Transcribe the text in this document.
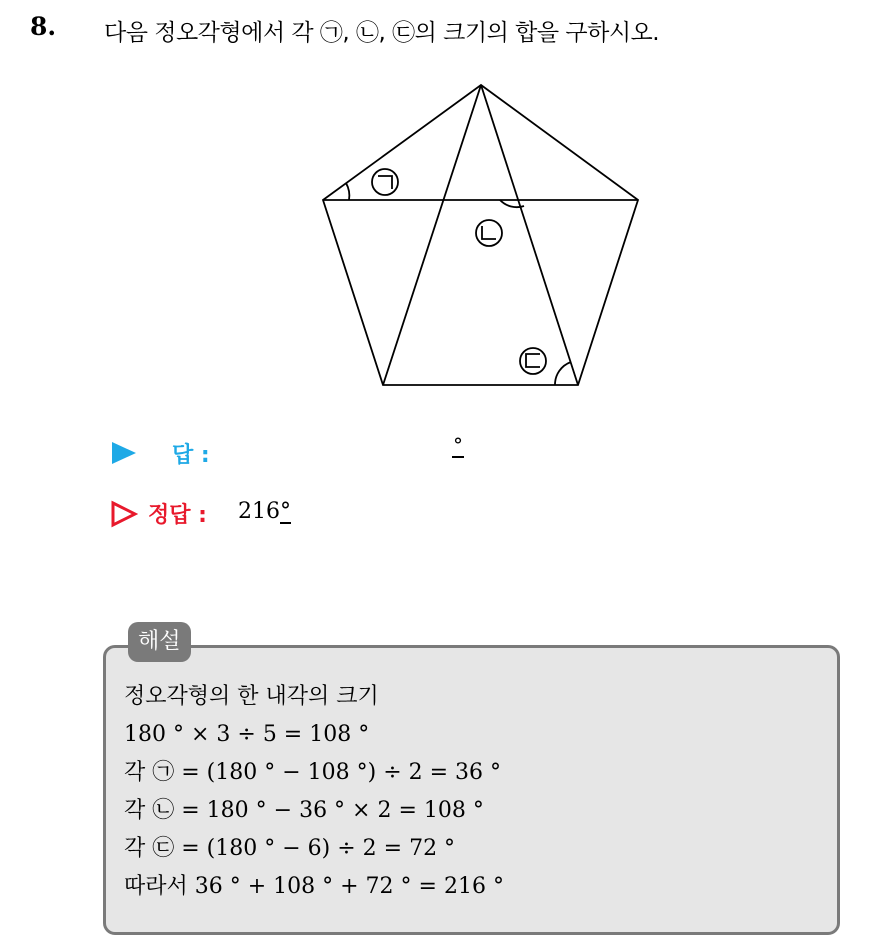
8. 다음 정오각형에서 각 ㉠, ㉡, ㉢의 크기의 합을 구하시오.
답 :	°
정답 : 216°
해설
정오각형의 한 내각의 크기
180 ° × 3 ÷ 5 = 108 °
각 ㉠ = (180 ° − 108 °) ÷ 2 = 36 °
각 ㉡ = 180 ° − 36 ° × 2 = 108 °
각 ㉢ = (180 ° − 6) ÷ 2 = 72 °
따라서 36 ° + 108 ° + 72 ° = 216 °
